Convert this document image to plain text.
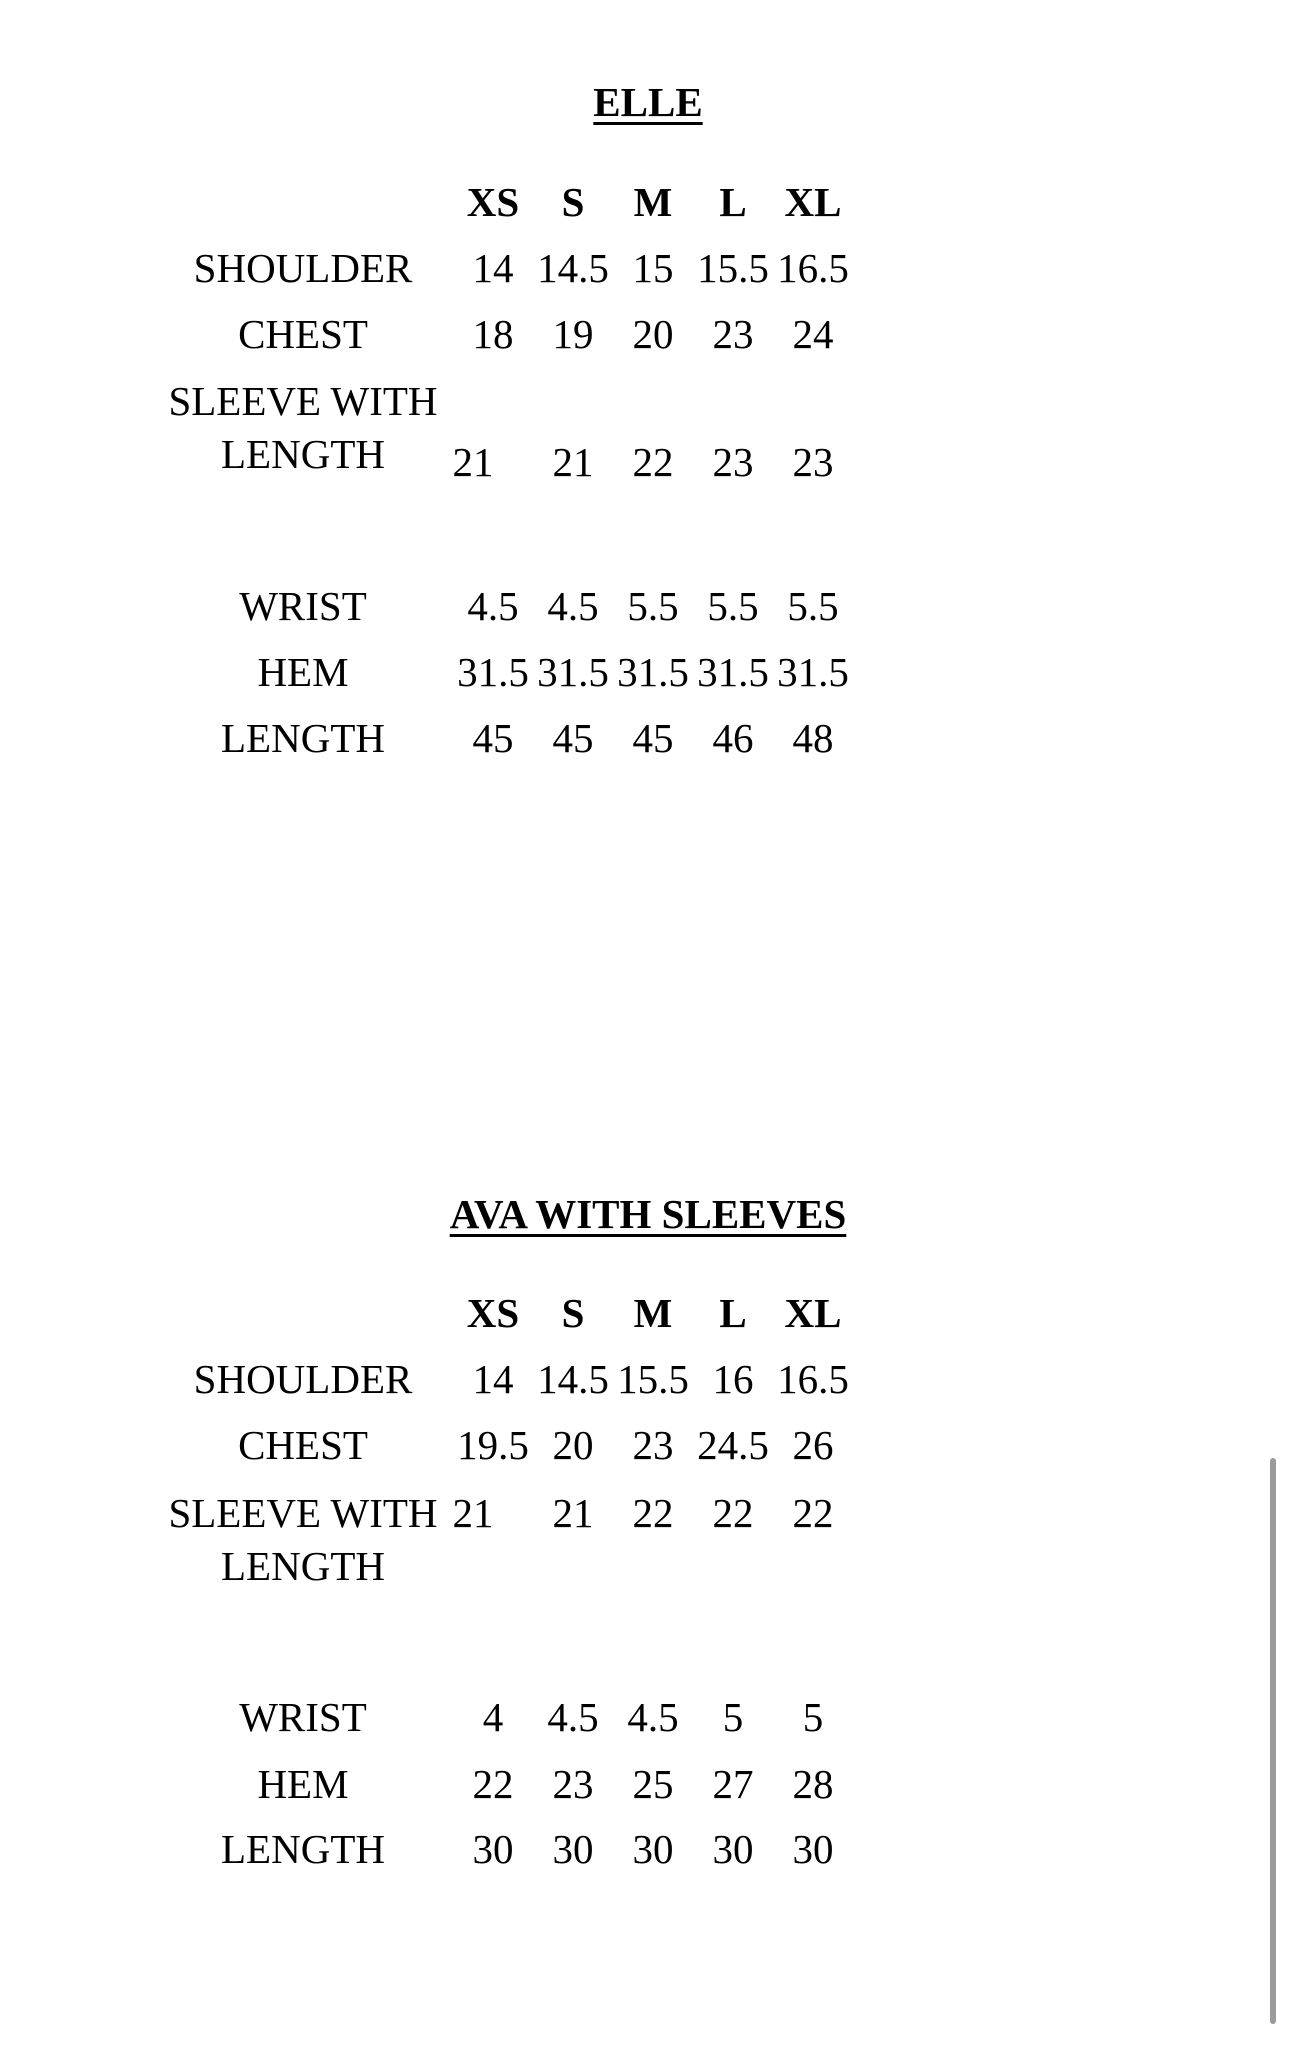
ELLE
XS	S	M	L XL
SHOULDER	14 14.5 15 15.5 16.5
CHEST	18 19 20 23 24
SLEEVE WITH
LENGTH	21	21 22 23 23
WRIST	4.5 4.5 5.5 5.5 5.5
HEM	31.5 31.5 31.5 31.5 31.5
LENGTH	45 45 45 46 48
AVA WITH SLEEVES
XS	S	M	L XL
SHOULDER	14 14.5 15.5 16 16.5
CHEST	19.5 20 23 24.5 26
SLEEVE WITH
LENGTH
21	21 22 22 22
WRIST	4	4.5 4.5	5	5
HEM	22 23 25 27 28
LENGTH	30 30 30 30 30
